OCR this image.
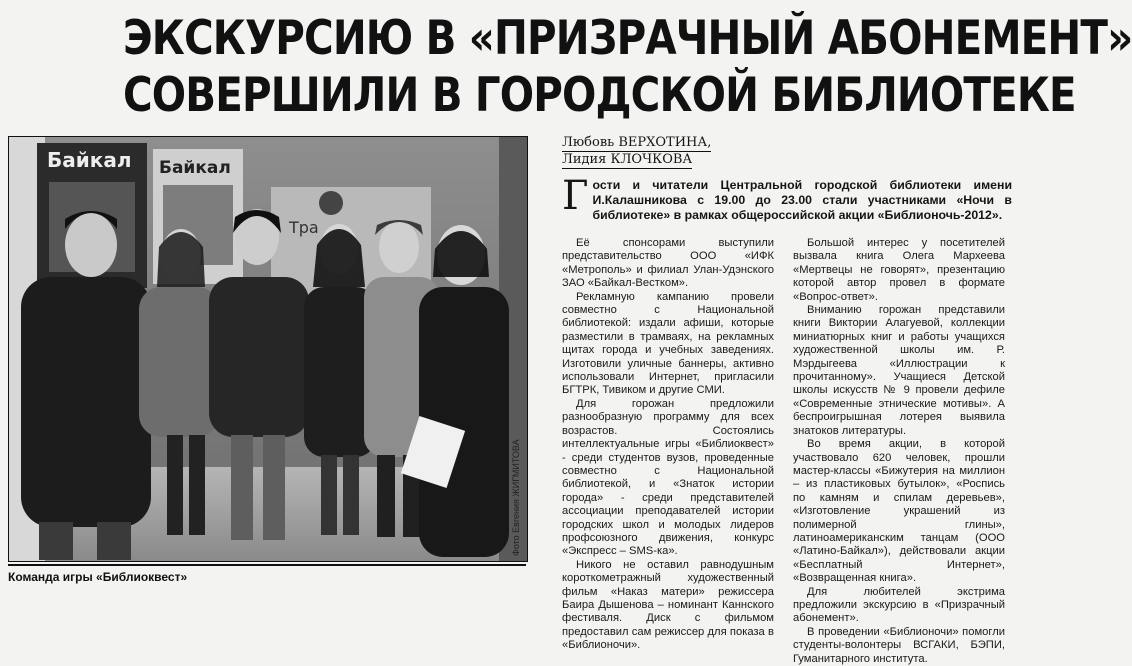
ЭКСКУРСИЮ В «ПРИЗРАЧНЫЙ АБОНЕМЕНТ»
СОВЕРШИЛИ В ГОРОДСКОЙ БИБЛИОТЕКЕ
Байкал Байкал
Тра
Фото Евгения ЖИГМИТОВА
Команда игры «Библиоквест»
Любовь ВЕРХОТИНА,
Лидия КЛОЧКОВА
Г ости и читатели Центральной городской библиотеки имени И.Калашникова с 19.00 до 23.00 стали участниками «Ночи в библиотеке» в рамках общероссийской акции «Библионочь-2012».

Её спонсорами выступили представительство ООО «ИФК «Метрополь» и филиал Улан-Удэнского ЗАО «Байкал-Вестком».

Рекламную кампанию провели совместно с Национальной библиотекой: издали афиши, которые разместили в трамваях, на рекламных щитах города и учебных заведениях. Изготовили уличные баннеры, активно использовали Интернет, пригласили БГТРК, Тивиком и другие СМИ.

Для горожан предложили разнообразную программу для всех возрастов. Состоялись интеллектуальные игры «Библиоквест» - среди студентов вузов, проведенные совместно с Национальной библиотекой, и «Знаток истории города» - среди представителей ассоциации преподавателей истории городских школ и молодых лидеров профсоюзного движения, конкурс «Экспресс – SMS-ка».

Никого не оставил равнодушным короткометражный художественный фильм «Наказ матери» режиссера Баира Дышенова – номинант Каннского фестиваля. Диск с фильмом предоставил сам режиссер для показа в «Библионочи».

Большой интерес у посетителей вызвала книга Олега Мархеева «Мертвецы не говорят», презентацию которой автор провел в формате «Вопрос-ответ».

Вниманию горожан представили книги Виктории Алагуевой, коллекции миниатюрных книг и работы учащихся художественной школы им. Р. Мэрдыгеева «Иллюстрации к прочитанному». Учащиеся Детской школы искусств № 9 провели дефиле «Современные этнические мотивы». А беспроигрышная лотерея выявила знатоков литературы.

Во время акции, в которой участвовало 620 человек, прошли мастер-классы «Бижутерия на миллион – из пластиковых бутылок», «Роспись по камням и спилам деревьев», «Изготовление украшений из полимерной глины», латиноамериканским танцам (ООО «Латино-Байкал»), действовали акции «Бесплатный Интернет», «Возвращенная книга».

Для любителей экстрима предложили экскурсию в «Призрачный абонемент».

В проведении «Библионочи» помогли студенты-волонтеры ВСГАКИ, БЭПИ, Гуманитарного института.
